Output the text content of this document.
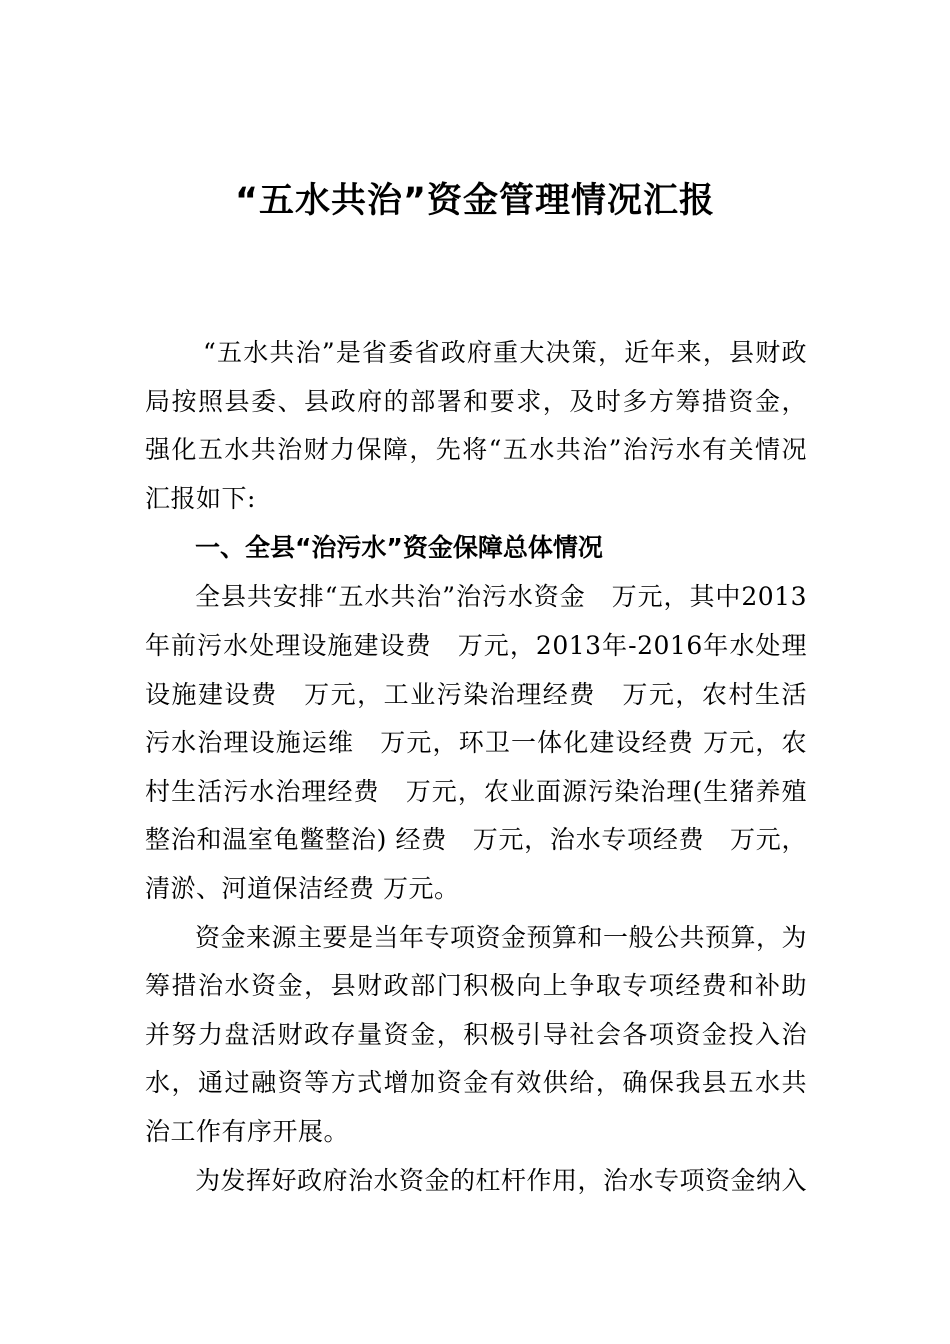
“五水共治”资金管理情况汇报

“五水共治”是省委省政府重大决策，近年来，县财政局按照县委、县政府的部署和要求，及时多方筹措资金，强化五水共治财力保障，先将“五水共治”治污水有关情况汇报如下:

一、全县“治污水”资金保障总体情况

全县共安排“五水共治”治污水资金　万元，其中2013年前污水处理设施建设费　万元，2013年-2016年水处理设施建设费　万元，工业污染治理经费　万元，农村生活污水治理设施运维　万元，环卫一体化建设经费 万元，农村生活污水治理经费　万元，农业面源污染治理(生猪养殖整治和温室龟鳖整治) 经费　万元，治水专项经费　万元，清淤、河道保洁经费 万元。

资金来源主要是当年专项资金预算和一般公共预算，为筹措治水资金，县财政部门积极向上争取专项经费和补助并努力盘活财政存量资金，积极引导社会各项资金投入治水，通过融资等方式增加资金有效供给，确保我县五水共治工作有序开展。

为发挥好政府治水资金的杠杆作用，治水专项资金纳入
